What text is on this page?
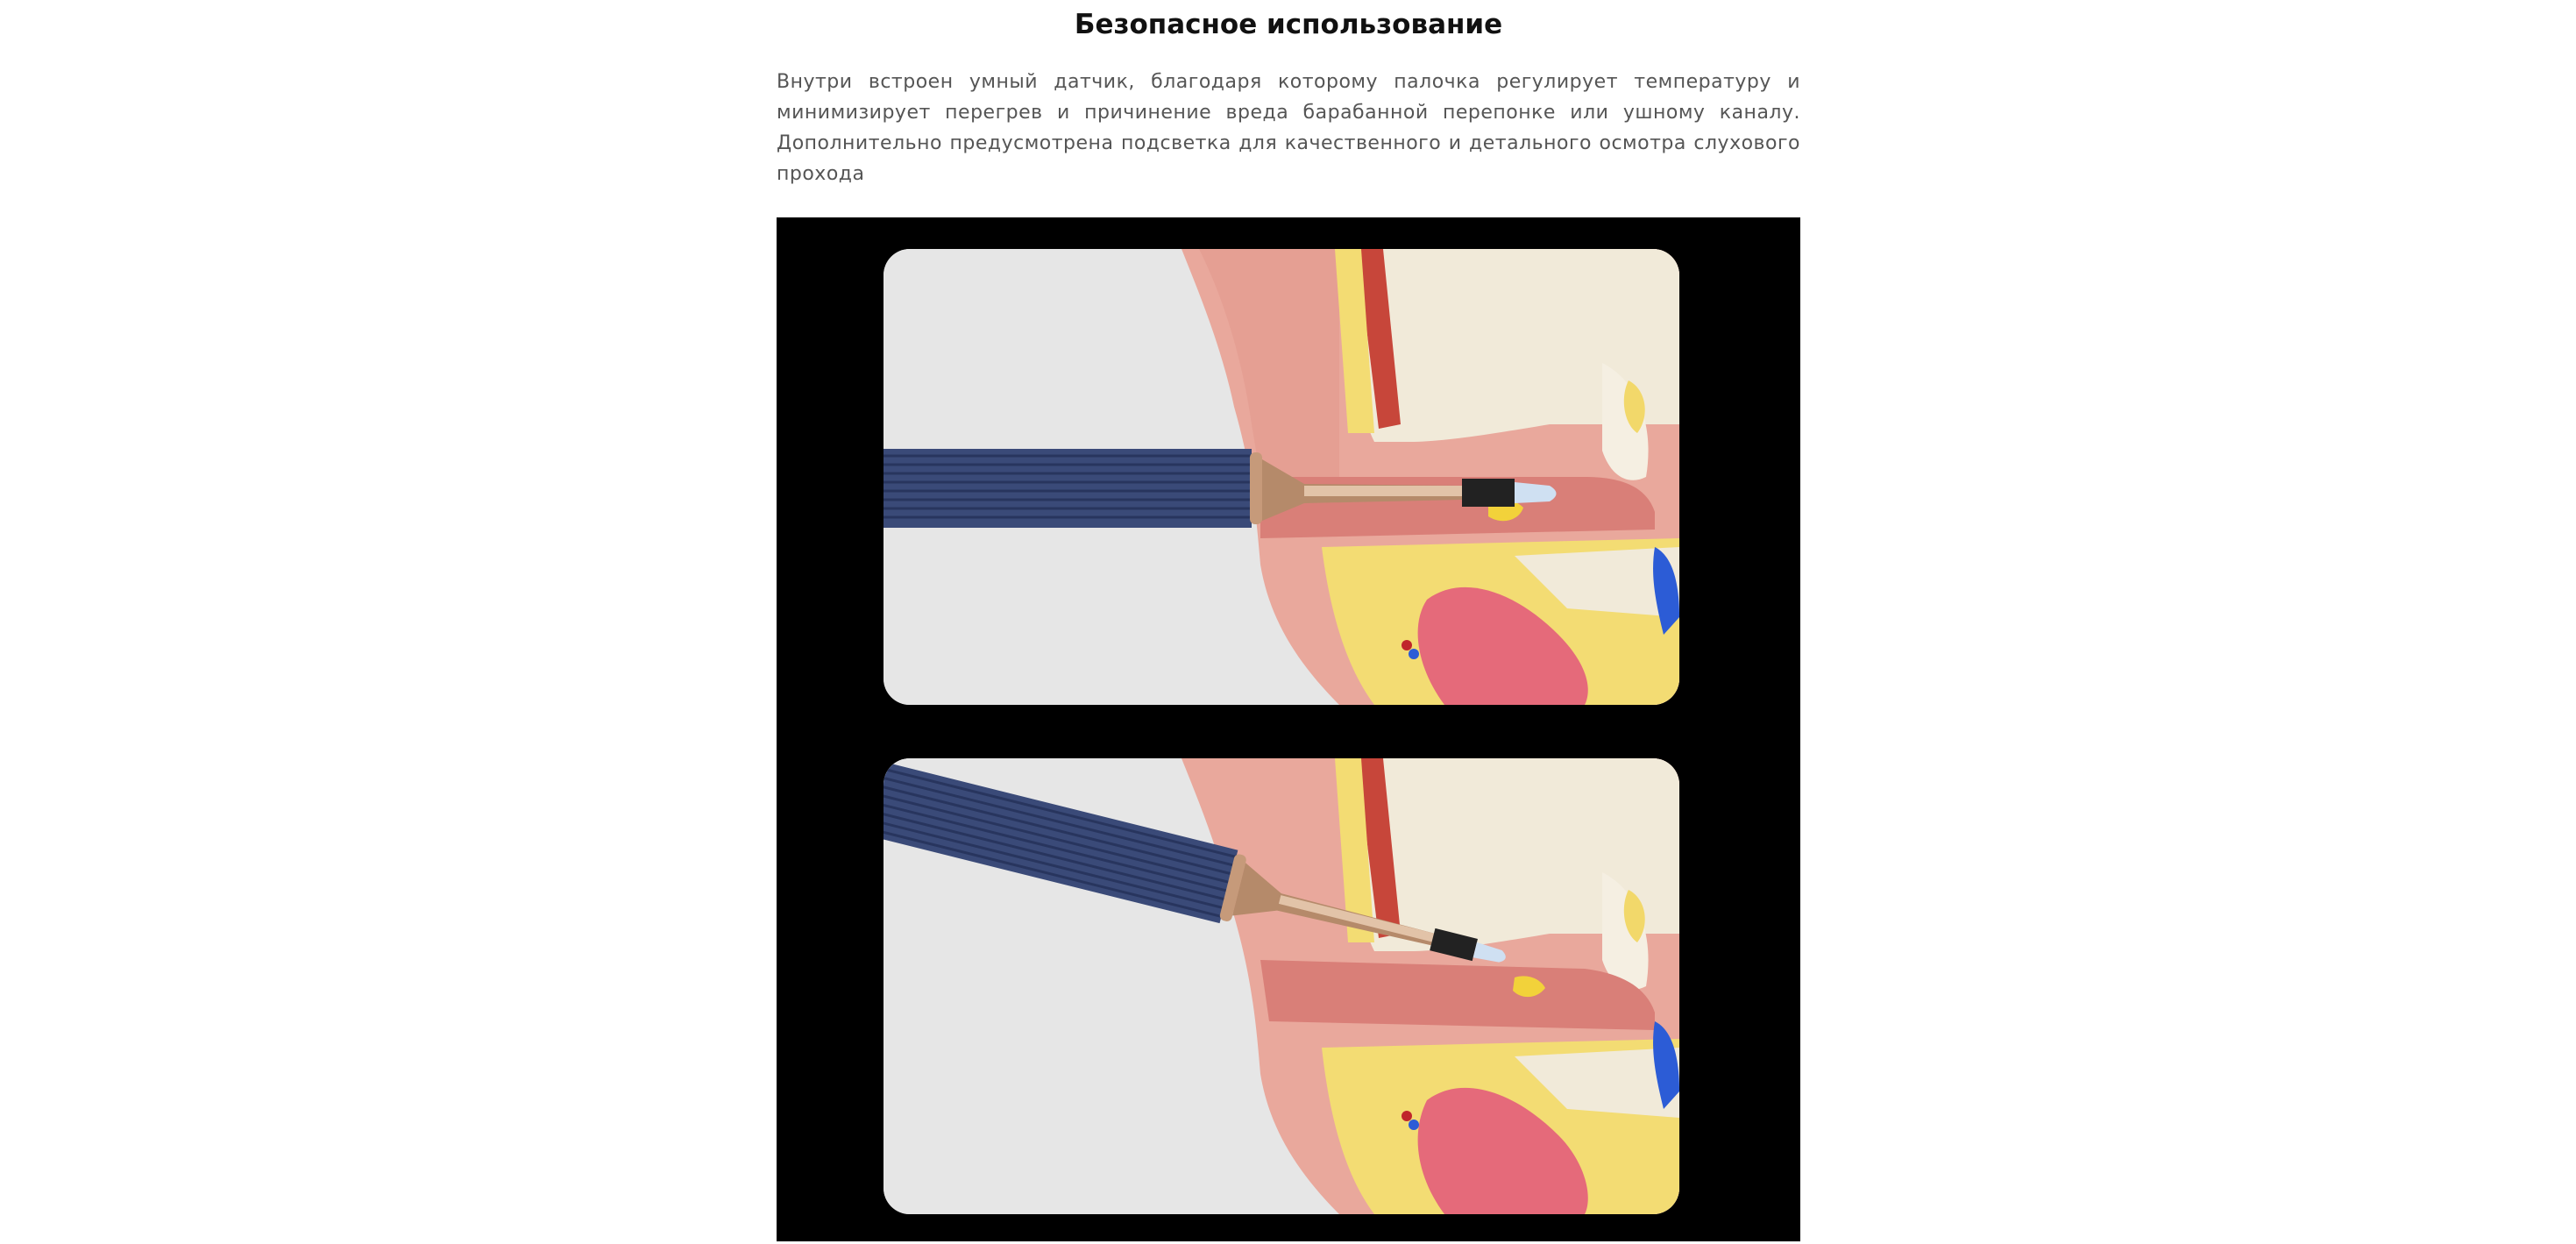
Безопасное использование

Внутри встроен умный датчик, благодаря которому палочка регулирует температуру и минимизирует перегрев и причинение вреда барабанной перепонке или ушному каналу. Дополнительно предусмотрена подсветка для качественного и детального осмотра слухового прохода
